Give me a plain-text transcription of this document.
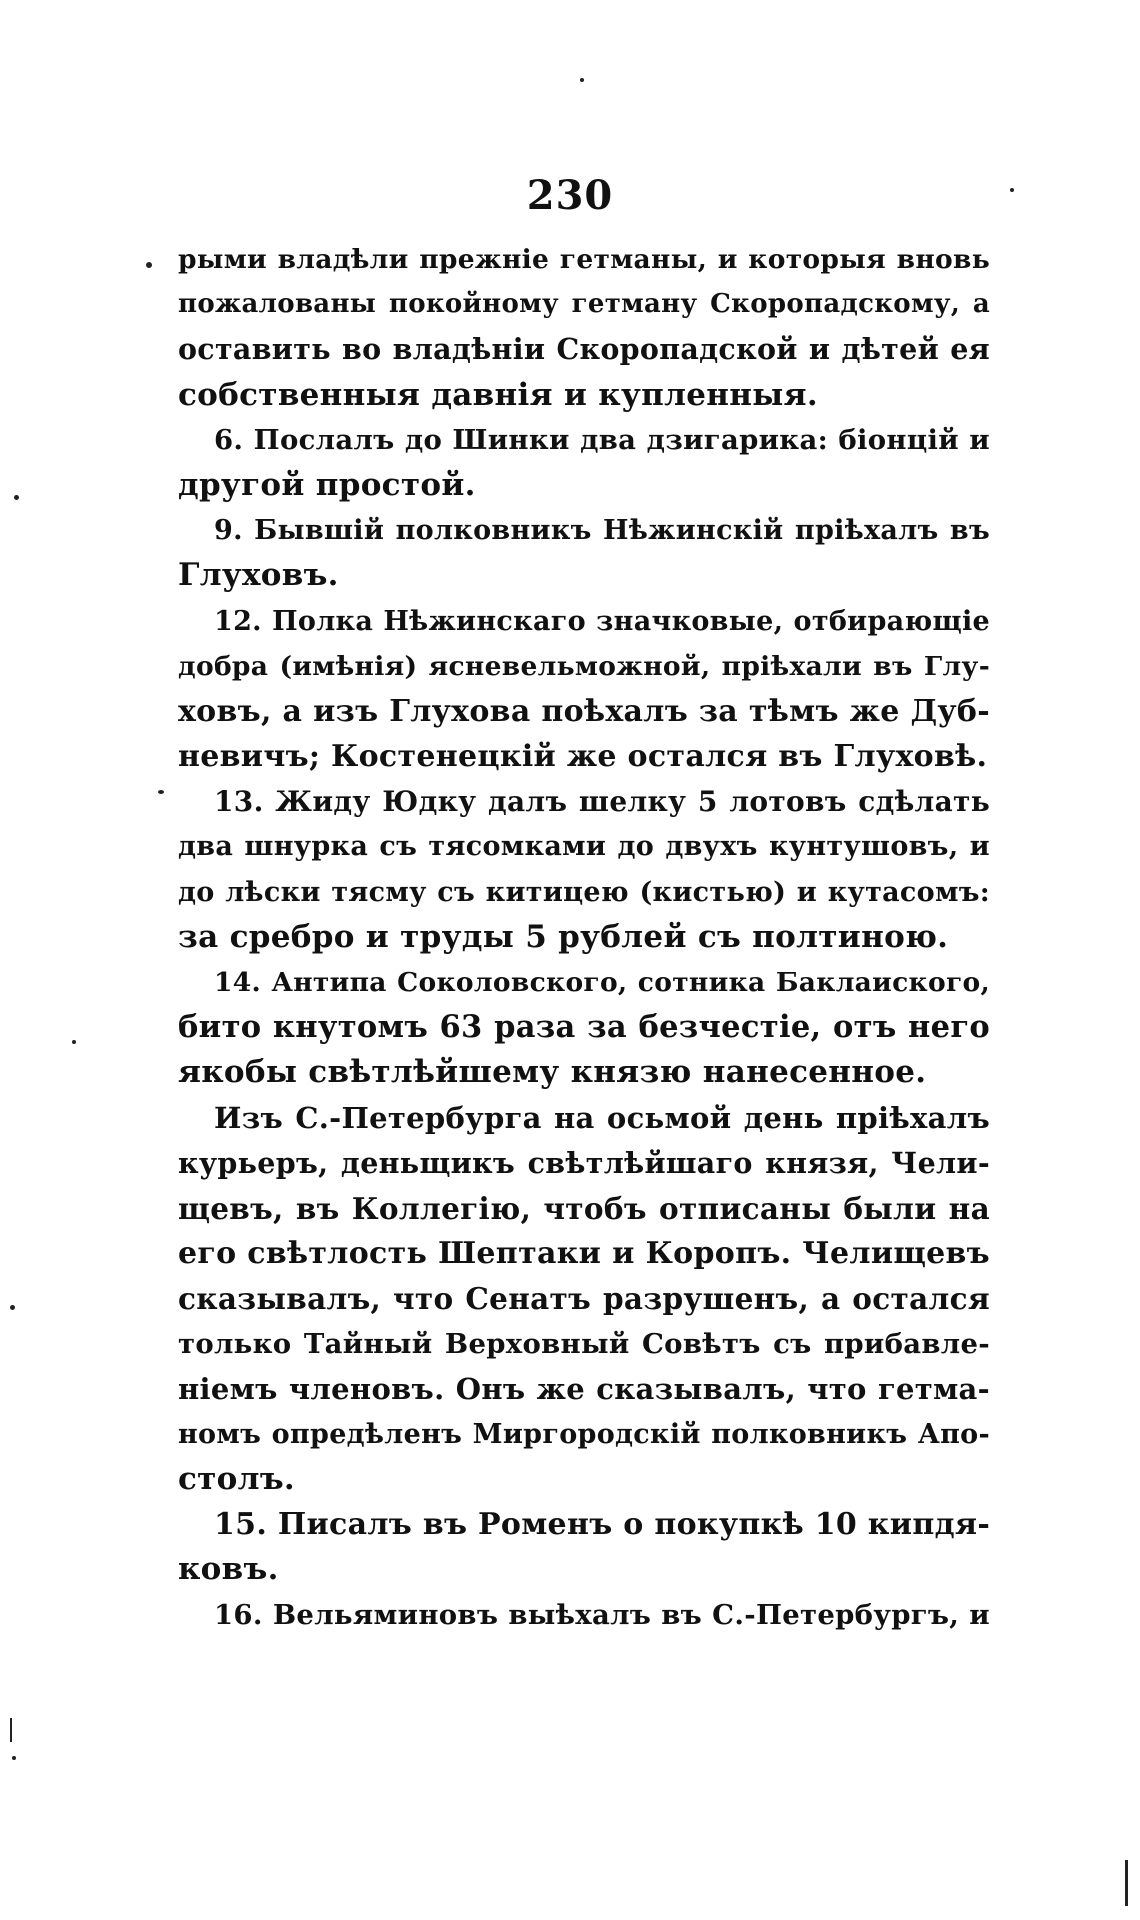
230
рыми владѣли прежніе гетманы, и которыя вновь
пожалованы покойному гетману Скоропадскому, а
оставить во владѣніи Скоропадской и дѣтей ея
собственныя давнія и купленныя.
6. Послалъ до Шинки два дзигарика: біонцій и
другой простой.
9. Бывшій полковникъ Нѣжинскій пріѣхалъ въ
Глуховъ.
12. Полка Нѣжинскаго значковые, отбирающіе
добра (имѣнія) ясневельможной, пріѣхали въ Глу-
ховъ, а изъ Глухова поѣхалъ за тѣмъ же Дуб-
невичъ; Костенецкій же остался въ Глуховѣ.
13. Жиду Юдку далъ шелку 5 лотовъ сдѣлать
два шнурка съ тясомками до двухъ кунтушовъ, и
до лѣски тясму съ китицею (кистью) и кутасомъ:
за сребро и труды 5 рублей съ полтиною.
14. Антипа Соколовского, сотника Баклаиского,
бито кнутомъ 63 раза за безчестіе, отъ него
якобы свѣтлѣйшему князю нанесенное.
Изъ С.-Петербурга на осьмой день пріѣхалъ
курьеръ, деньщикъ свѣтлѣйшаго князя, Чели-
щевъ, въ Коллегію, чтобъ отписаны были на
его свѣтлость Шептаки и Коропъ. Челищевъ
сказывалъ, что Сенатъ разрушенъ, а остался
только Тайный Верховный Совѣтъ съ прибавле-
ніемъ членовъ. Онъ же сказывалъ, что гетма-
номъ опредѣленъ Миргородскій полковникъ Апо-
столъ.
15. Писалъ въ Роменъ о покупкѣ 10 кипдя-
ковъ.
16. Вельяминовъ выѣхалъ въ С.-Петербургъ, и
